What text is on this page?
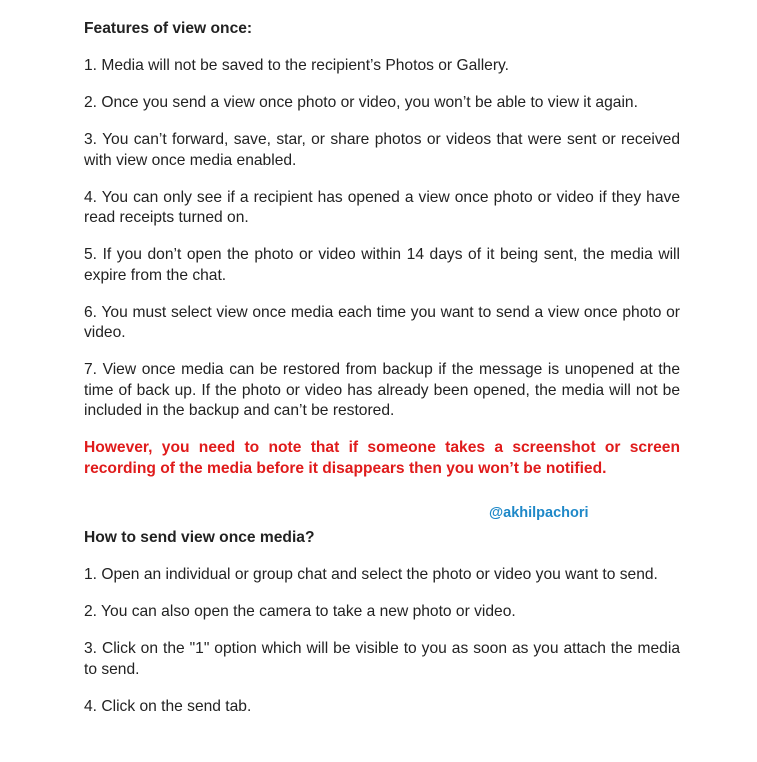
Features of view once:

1. Media will not be saved to the recipient’s Photos or Gallery.

2. Once you send a view once photo or video, you won’t be able to view it again.

3. You can’t forward, save, star, or share photos or videos that were sent or received with view once media enabled.

4. You can only see if a recipient has opened a view once photo or video if they have read receipts turned on.

5. If you don’t open the photo or video within 14 days of it being sent, the media will expire from the chat.

6. You must select view once media each time you want to send a view once photo or video.

7. View once media can be restored from backup if the message is unopened at the time of back up. If the photo or video has already been opened, the media will not be included in the backup and can’t be restored.

However, you need to note that if someone takes a screenshot or screen recording of the media before it disappears then you won’t be notified.

@akhilpachori

How to send view once media?

1. Open an individual or group chat and select the photo or video you want to send.

2. You can also open the camera to take a new photo or video.

3. Click on the "1" option which will be visible to you as soon as you attach the media to send.

4. Click on the send tab.
